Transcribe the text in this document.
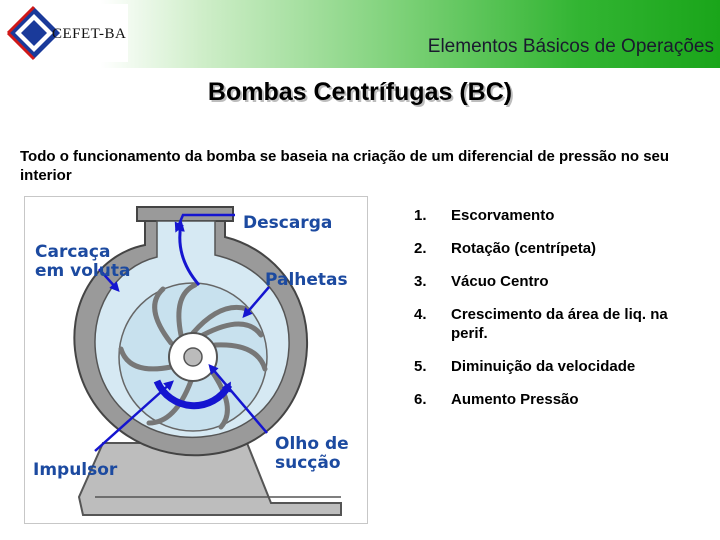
CEFET-BA
Elementos Básicos de Operações
Bombas Centrífugas (BC)
Todo o funcionamento da bomba se baseia na criação de um diferencial de pressão no seu interior
Descarga
Carcaça
em voluta	Palhetas
Olho de
sucção
Impulsor
1.	Escorvamento
2.	Rotação (centrípeta)
3.	Vácuo Centro
4.	Crescimento da área de liq. na perif.
5.	Diminuição da velocidade
6.	Aumento Pressão
